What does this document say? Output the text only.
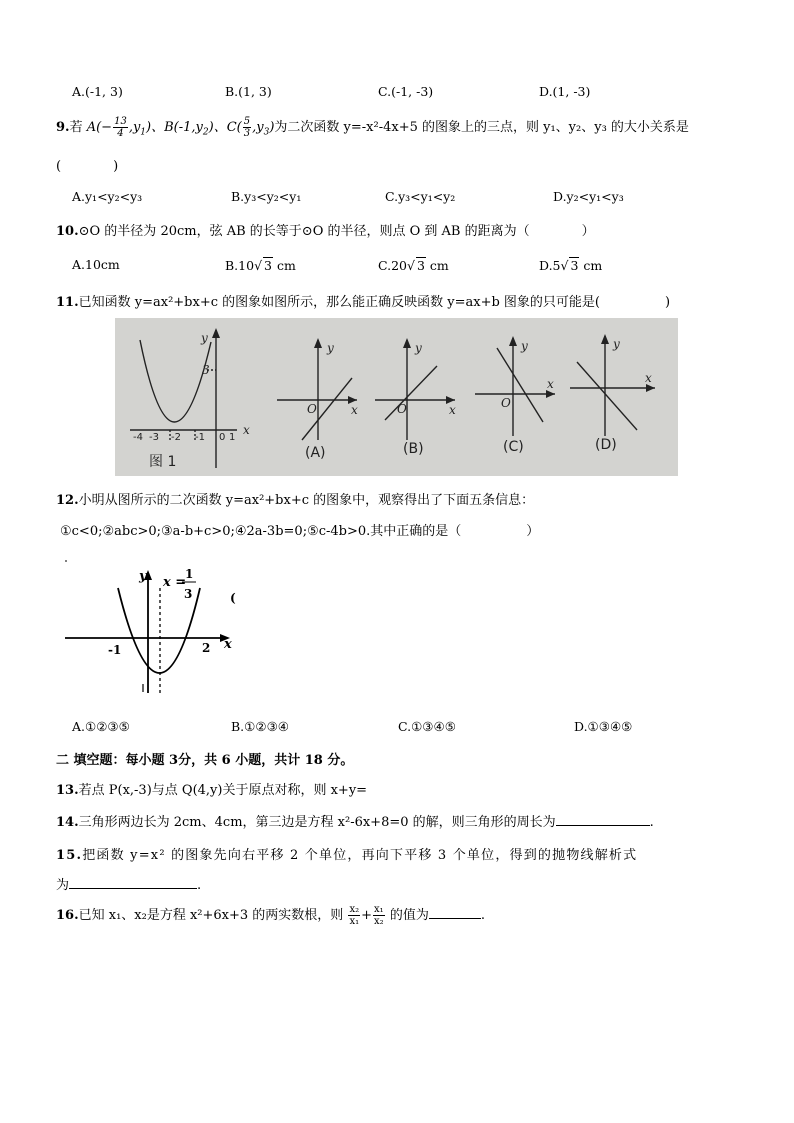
A.(-1, 3)	B.(1, 3)	C.(-1, -3)	D.(1, -3)
9.若 $A(- \frac{13}{4} ,y_1)$、$B(-1,y_2)$、$C( \frac{5}{3} ,y_3)$为二次函数 y=-x²-4x+5 的图象上的三点，则 y₁、y₂、y₃ 的大小关系是
(　　　　)
A.y₁<y₂<y₃	B.y₃<y₂<y₁	C.y₃<y₁<y₂	D.y₂<y₁<y₃
10.⊙O 的半径为 20cm，弦 AB 的长等于⊙O 的半径，则点 O 到 AB 的距离为（　　　　）
A.10cm	B.10√ 3 cm	C.20√ 3 cm	D.5√ 3 cm
11.已知函数 y=ax²+bx+c 的图象如图所示，那么能正确反映函数 y=ax+b 图象的只可能是(　　　　　)
y
3
x
y
x
O
y
x
O
y
x
O
y
x
-4 -3 -2 -1 0 1
图 1
(A)	(B)	(C)	(D)
12.小明从图所示的二次函数 y=ax²+bx+c 的图象中，观察得出了下面五条信息：
①c<0;②abc>0;③a-b+c>0;④2a-3b=0;⑤c-4b>0.其中正确的是（　　　　　）
y
x
x =
1
3
-1	2
(
A.①②③⑤	B.①②③④	C.①③④⑤	D.①③④⑤
二 填空题：每小题 3分，共 6 小题，共计 18 分。
13.若点 P(x,-3)与点 Q(4,y)关于原点对称，则 x+y=
14.三角形两边长为 2cm、4cm，第三边是方程 x²-6x+8=0 的解，则三角形的周长为	.
15.把函数 y=x² 的图象先向右平移 2 个单位，再向下平移 3 个单位，得到的抛物线解析式
为	.
16.已知 x₁、x₂是方程 x²+6x+3 的两实数根，则 $\frac{\text{x₂}}{\text{x₁}} + \frac{\text{x₁}}{\text{x₂}}$ 的值为	.
